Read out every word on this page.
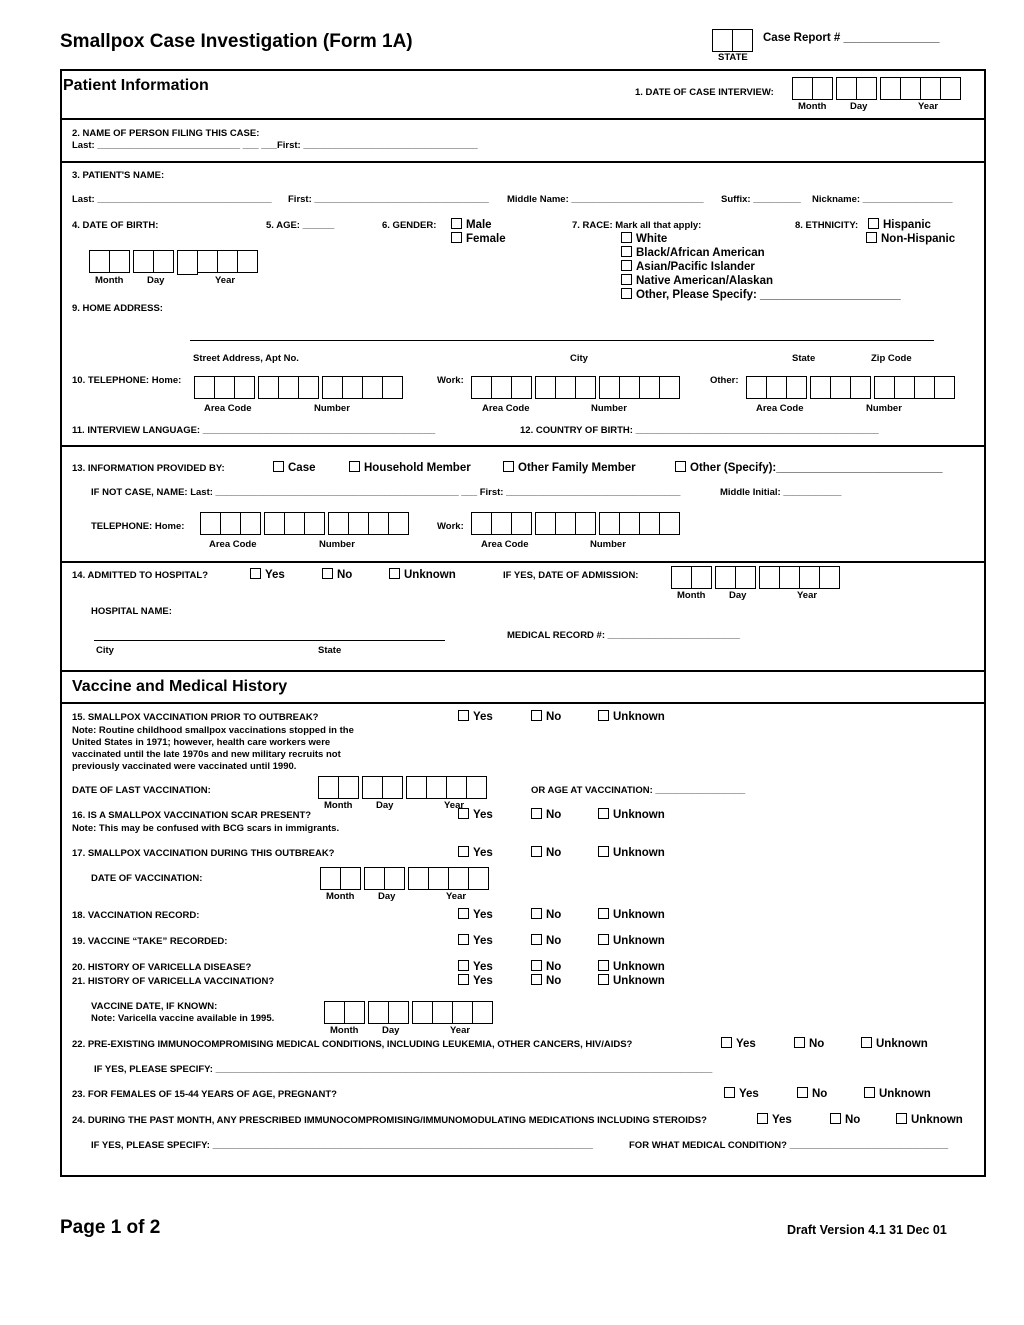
Smallpox Case Investigation (Form 1A)
STATE
Case Report # _______________
Patient Information	1. DATE OF CASE INTERVIEW:
Month Day	Year
2. NAME OF PERSON FILING THIS CASE:
Last: ___________________________ ___ ___First: _________________________________
3. PATIENT'S NAME:
Last: _________________________________ First: _________________________________ Middle Name: _________________________ Suffix: _________ Nickname: _________________
4. DATE OF BIRTH:	5. AGE: ______	6. GENDER:	Male
Female
7. RACE: Mark all that apply:
White
Black/African American
Asian/Pacific Islander
Native American/Alaskan
Other, Please Specify: ______________________
8. ETHNICITY:	Hispanic
Non-Hispanic
Month Day	Year
9. HOME ADDRESS:
Street Address, Apt No.	City	State	Zip Code
10. TELEPHONE: Home:
Area Code	Number
Work:
Area Code	Number
Other:
Area Code	Number
11. INTERVIEW LANGUAGE: ____________________________________________	12. COUNTRY OF BIRTH: ______________________________________________
13. INFORMATION PROVIDED BY:	Case	Household Member	Other Family Member	Other (Specify):__________________________
IF NOT CASE, NAME: Last: ______________________________________________ ___ First: _________________________________	Middle Initial: ___________
TELEPHONE: Home:
Area Code	Number
Work:
Area Code	Number
14. ADMITTED TO HOSPITAL?	Yes	No	Unknown	IF YES, DATE OF ADMISSION:
Month Day	Year
HOSPITAL NAME:
City	State
MEDICAL RECORD #: _________________________
Vaccine and Medical History
15. SMALLPOX VACCINATION PRIOR TO OUTBREAK?
Note: Routine childhood smallpox vaccinations stopped in the
United States in 1971; however, health care workers were
vaccinated until the late 1970s and new military recruits not
previously vaccinated were vaccinated until 1990.
Yes	No	Unknown
DATE OF LAST VACCINATION:
Month Day	Year
OR AGE AT VACCINATION: _________________
16. IS A SMALLPOX VACCINATION SCAR PRESENT?
Note: This may be confused with BCG scars in immigrants.
Yes	No	Unknown
17. SMALLPOX VACCINATION DURING THIS OUTBREAK?	Yes	No	Unknown
DATE OF VACCINATION:
Month Day	Year
18. VACCINATION RECORD:	Yes	No	Unknown
19. VACCINE “TAKE” RECORDED:	Yes	No	Unknown
20. HISTORY OF VARICELLA DISEASE?	Yes	No	Unknown
21. HISTORY OF VARICELLA VACCINATION?	Yes	No	Unknown
VACCINE DATE, IF KNOWN:
Note: Varicella vaccine available in 1995.
Month Day	Year
22. PRE-EXISTING IMMUNOCOMPROMISING MEDICAL CONDITIONS, INCLUDING LEUKEMIA, OTHER CANCERS, HIV/AIDS?	Yes	No	Unknown
IF YES, PLEASE SPECIFY: ______________________________________________________________________________________________
23. FOR FEMALES OF 15-44 YEARS OF AGE, PREGNANT?	Yes	No	Unknown
24. DURING THE PAST MONTH, ANY PRESCRIBED IMMUNOCOMPROMISING/IMMUNOMODULATING MEDICATIONS INCLUDING STEROIDS?	Yes	No	Unknown
IF YES, PLEASE SPECIFY: ________________________________________________________________________	FOR WHAT MEDICAL CONDITION? ______________________________
Page 1 of 2	Draft Version 4.1 31 Dec 01
